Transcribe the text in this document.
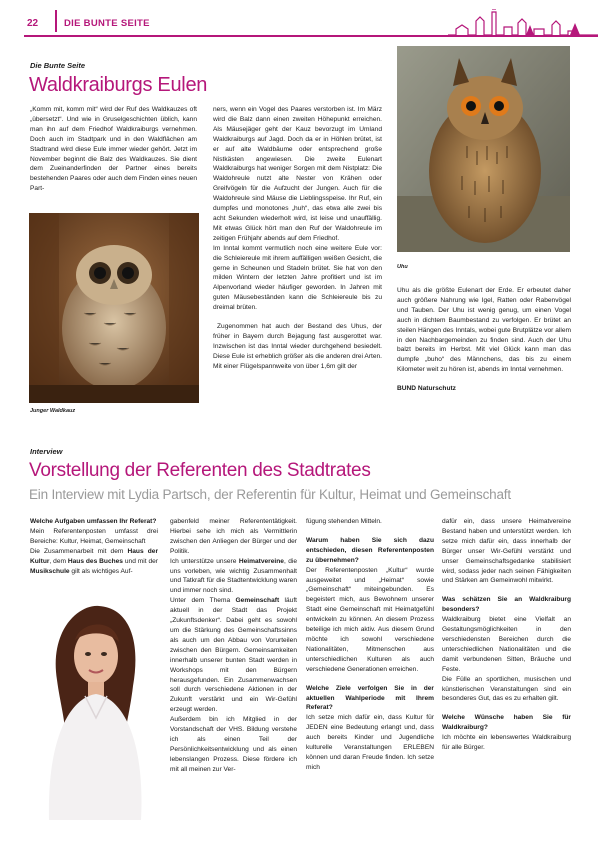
22	DIE BUNTE SEITE
Die Bunte Seite
Waldkraiburgs Eulen

„Komm mit, komm mit“ wird der Ruf des Waldkauzes oft „übersetzt“. Und wie in Gruselgeschichten üblich, kann man ihn auf dem Friedhof Waldkraiburgs vernehmen. Doch auch im Stadtpark und in den Waldflächen am Stadtrand wird diese Eule immer wieder gehört. Jetzt im November beginnt die Balz des Waldkauzes. Sie dient dem Zueinanderfinden der Partner eines bereits bestehenden Paares oder auch dem Finden eines neuen Part-

Junger Waldkauz

ners, wenn ein Vogel des Paares verstorben ist. Im März wird die Balz dann einen zweiten Höhepunkt erreichen. Als Mäusejäger geht der Kauz bevorzugt im Umland Waldkraiburgs auf Jagd. Doch da er in Höhlen brütet, ist er auf alte Waldbäume oder entsprechend große Nistkästen angewiesen. Die zweite Eulenart Waldkraiburgs hat weniger Sorgen mit dem Nistplatz: Die Waldohreule nutzt alte Nester von Krähen oder Greifvögeln für die Aufzucht der Jungen. Auch für die Waldohreule sind Mäuse die Lieblingsspeise. Ihr Ruf, ein dumpfes und monotones „huh“, das etwa alle zwei bis acht Sekunden wiederholt wird, ist leise und unauffällig. Mit etwas Glück hört man den Ruf der Waldohreule im zeitigen Frühjahr abends auf dem Friedhof.

Im Inntal kommt vermutlich noch eine weitere Eule vor: die Schleiereule mit ihrem auffälligen weißen Gesicht, die gerne in Scheunen und Stadeln brütet. Sie hat von den milden Wintern der letzten Jahre profitiert und ist im Alpenvorland wieder häufiger geworden. In Jahren mit guten Mäusebeständen kann die Schleiereule bis zu dreimal brüten.

Zugenommen hat auch der Bestand des Uhus, der früher in Bayern durch Bejagung fast ausgerottet war. Inzwischen ist das Inntal wieder durchgehend besiedelt. Diese Eule ist erheblich größer als die anderen drei Arten. Mit einer Flügelspannweite von über 1,6m gilt der

Uhu

Uhu als die größte Eulenart der Erde. Er erbeutet daher auch größere Nahrung wie Igel, Ratten oder Rabenvögel und Tauben. Der Uhu ist wenig genug, um einen Vogel auch in dichtem Baumbestand zu verfolgen. Er brütet an steilen Hängen des Inntals, wobei gute Brutplätze vor allem in den Nachbargemeinden zu finden sind. Auch der Uhu balzt bereits im Herbst. Mit viel Glück kann man das dumpfe „buho“ des Männchens, das bis zu einem Kilometer weit zu hören ist, abends im Inntal vernehmen.

BUND Naturschutz

Interview
Vorstellung der Referenten des Stadtrates
Ein Interview mit Lydia Partsch, der Referentin für Kultur, Heimat und Gemeinschaft
Welche Aufgaben umfassen Ihr Referat?

Mein Referentenposten umfasst drei Bereiche: Kultur, Heimat, Gemeinschaft

Die Zusammenarbeit mit dem Haus der Kultur, dem Haus des Buches und mit der Musikschule gilt als wichtiges Auf-

gabenfeld meiner Referententätigkeit. Hierbei sehe ich mich als Vermittlerin zwischen den Anliegen der Bürger und der Politik.

Ich unterstütze unsere Heimatvereine, die uns vorleben, wie wichtig Zusammenhalt und Tatkraft für die Stadtentwicklung waren und immer noch sind.

Unter dem Thema Gemeinschaft läuft aktuell in der Stadt das Projekt „Zukunftsdenker“. Dabei geht es sowohl um die Stärkung des Gemeinschaftssinns als auch um den Abbau von Vorurteilen zwischen den Bürgern. Gemeinsamkeiten innerhalb unserer bunten Stadt werden in Workshops mit den Bürgern herausgefunden. Ein Zusammenwachsen soll durch verschiedene Aktionen in der Zukunft verstärkt und ein Wir-Gefühl erzeugt werden.

Außerdem bin ich Mitglied in der Vorstandschaft der VHS. Bildung verstehe ich als einen Teil der Persönlichkeitsentwicklung und als einen lebenslangen Prozess. Diese fördere ich mit all meinen zur Ver-

fügung stehenden Mitteln.

Warum haben Sie sich dazu entschieden, diesen Referentenposten zu übernehmen?

Der Referentenposten „Kultur“ wurde ausgeweitet und „Heimat“ sowie „Gemeinschaft“ miteingebunden. Es begeistert mich, aus Bewohnern unserer Stadt eine Gemeinschaft mit Heimatgefühl entwickeln zu können. An diesem Prozess beteilige ich mich aktiv. Aus diesem Grund möchte ich sowohl verschiedene Nationalitäten, Mitmenschen aus unterschiedlichen Kulturen als auch verschiedene Generationen erreichen.

Welche Ziele verfolgen Sie in der aktuellen Wahlperiode mit Ihrem Referat?

Ich setze mich dafür ein, dass Kultur für JEDEN eine Bedeutung erlangt und, dass auch bereits Kinder und Jugendliche kulturelle Veranstaltungen ERLEBEN können und daran Freude finden. Ich setze mich

dafür ein, dass unsere Heimatvereine Bestand haben und unterstützt werden. Ich setze mich dafür ein, dass innerhalb der Bürger unser Wir-Gefühl verstärkt und unser Gemeinschaftsgedanke stabilisiert wird, sodass jeder nach seinen Fähigkeiten und Stärken am Gemeinwohl mitwirkt.

Was schätzen Sie an Waldkraiburg besonders?

Waldkraiburg bietet eine Vielfalt an Gestaltungsmöglichkeiten in den verschiedensten Bereichen durch die unterschiedlichen Nationalitäten und die damit verbundenen Sitten, Bräuche und Feste.

Die Fülle an sportlichen, musischen und künstlerischen Veranstaltungen sind ein besonderes Gut, das es zu erhalten gilt.

Welche Wünsche haben Sie für Waldkraiburg?

Ich möchte ein lebenswertes Waldkraiburg für alle Bürger.
